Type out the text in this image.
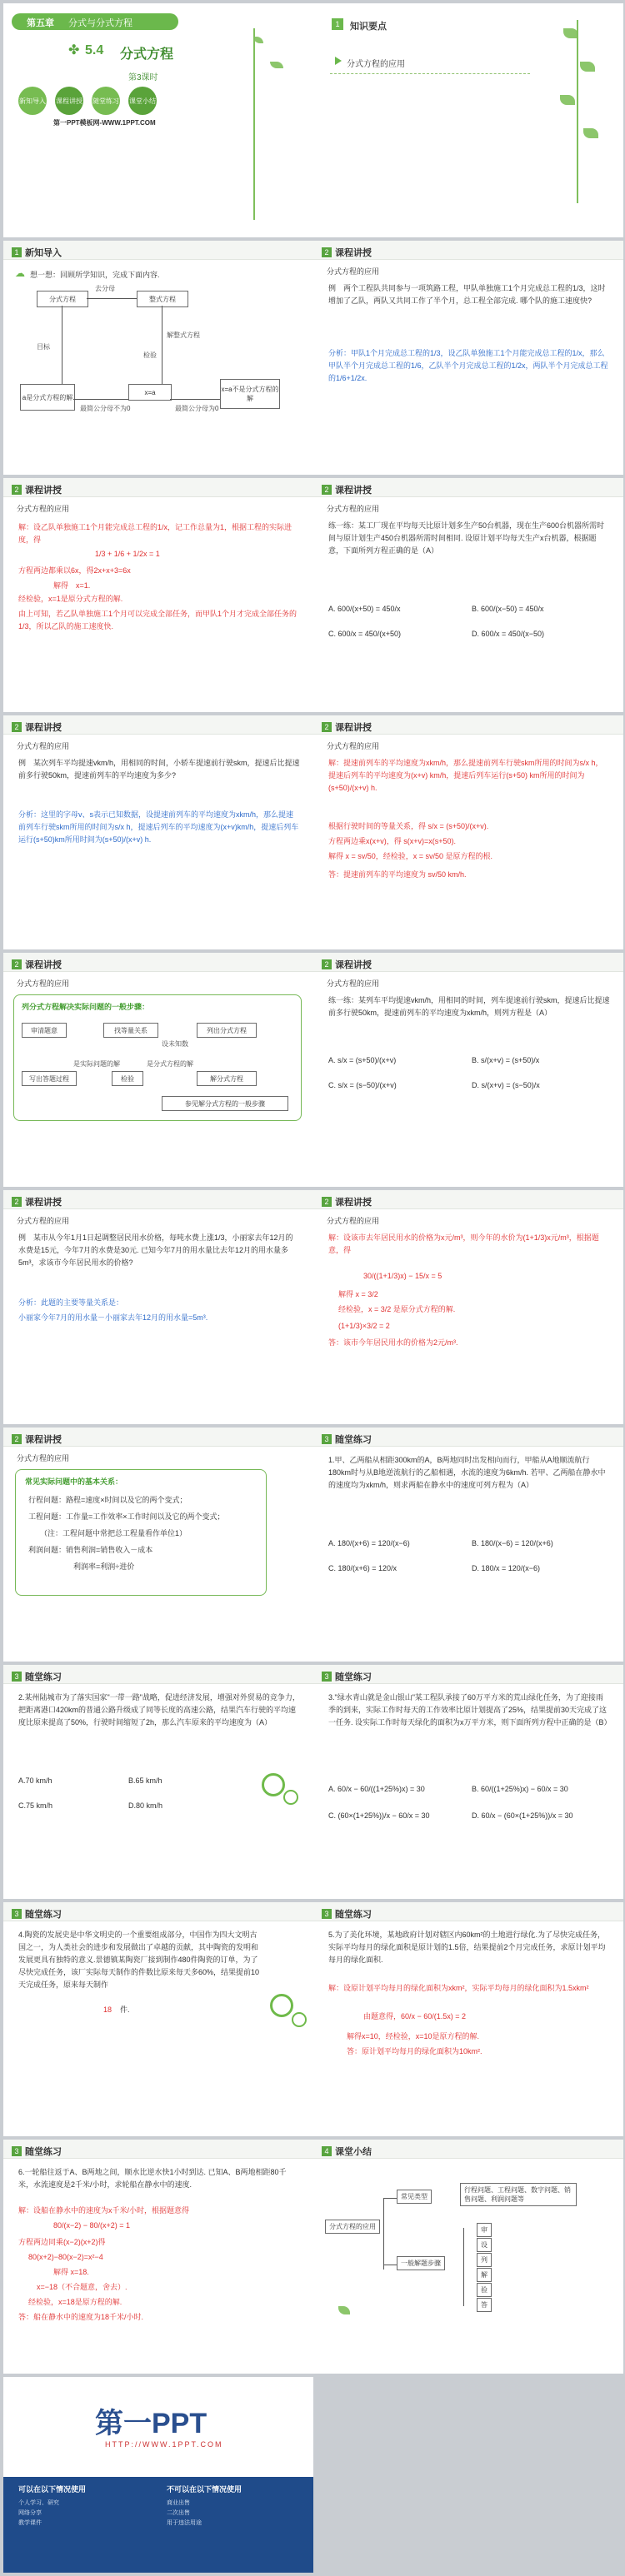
第五章 分式与分式方程
✤ 5.4 分式方程
第3课时
新知导入 课程讲授 随堂练习 课堂小结
第一PPT模板网-WWW.1PPT.COM
1	知识要点
分式方程的应用
1 新知导入
☁ 想一想：回顾所学知识，完成下面内容.
分式方程	整式方程
a是分式方程的解
x=a	x=a不是分式方程的解
去分母
目标
检验
解整式方程
最简公分母不为0	最简公分母为0
2 课程讲授
分式方程的应用
例　两个工程队共同参与一项筑路工程，甲队单独施工1个月完成总工程的1/3，这时增加了乙队，两队又共同工作了半个月，总工程全部完成. 哪个队的施工速度快?
分析：甲队1个月完成总工程的1/3，设乙队单独施工1个月能完成总工程的1/x，那么甲队半个月完成总工程的1/6，乙队半个月完成总工程的1/2x，两队半个月完成总工程的1/6+1/2x.
2 课程讲授
分式方程的应用
解：设乙队单独施工1个月能完成总工程的1/x，记工作总量为1，根据工程的实际进度，得
1/3 + 1/6 + 1/2x = 1
方程两边都乘以6x，得2x+x+3=6x
解得　x=1.
经检验，x=1是原分式方程的解.
由上可知，若乙队单独施工1个月可以完成全部任务，而甲队1个月才完成全部任务的1/3，所以乙队的施工速度快.
2 课程讲授
分式方程的应用
练一练：某工厂现在平均每天比原计划多生产50台机器，现在生产600台机器所需时间与原计划生产450台机器所需时间相同. 设原计划平均每天生产x台机器，根据题意，下面所列方程正确的是（A）
A. 600/(x+50) = 450/x	B. 600/(x−50) = 450/x
C. 600/x = 450/(x+50)	D. 600/x = 450/(x−50)
2 课程讲授
分式方程的应用
例　某次列车平均提速vkm/h，用相同的时间，小轿车提速前行驶skm，提速后比提速前多行驶50km，提速前列车的平均速度为多少?
分析：这里的字母v、s表示已知数据，设提速前列车的平均速度为xkm/h，那么提速前列车行驶skm所用的时间为s/x h，提速后列车的平均速度为(x+v)km/h，提速后列车运行(s+50)km所用时间为(s+50)/(x+v) h.
2 课程讲授
分式方程的应用
解：提速前列车的平均速度为xkm/h，那么提速前列车行驶skm所用的时间为s/x h，提速后列车的平均速度为(x+v) km/h，提速后列车运行(s+50) km所用的时间为(s+50)/(x+v) h.
根据行驶时间的等量关系，得 s/x = (s+50)/(x+v).
方程两边乘x(x+v)，得 s(x+v)=x(s+50).
解得 x = sv/50，经检验，x = sv/50 是原方程的根.
答：提速前列车的平均速度为 sv/50 km/h.
2 课程讲授
分式方程的应用
列分式方程解决实际问题的一般步骤：
审清题意	找等量关系	列出分式方程
解分式方程
检验
写出答题过程
设未知数
是分式方程的解
是实际问题的解
参见解分式方程的一般步骤
2 课程讲授
分式方程的应用
练一练：某列车平均提速vkm/h，用相同的时间，列车提速前行驶skm，提速后比提速前多行驶50km，提速前列车的平均速度为xkm/h，则列方程是（A）
A. s/x = (s+50)/(x+v)	B. s/(x+v) = (s+50)/x
C. s/x = (s−50)/(x+v)	D. s/(x+v) = (s−50)/x
2 课程讲授
分式方程的应用
例　某市从今年1月1日起调整居民用水价格，每吨水费上涨1/3，小丽家去年12月的水费是15元，今年7月的水费是30元. 已知今年7月的用水量比去年12月的用水量多5m³，求该市今年居民用水的价格?
分析：此题的主要等量关系是：
小丽家今年7月的用水量－小丽家去年12月的用水量=5m³.
2 课程讲授
分式方程的应用
解：设该市去年居民用水的价格为x元/m³，则今年的水价为(1+1/3)x元/m³，根据题意，得
30/((1+1/3)x) − 15/x = 5
解得 x = 3/2
经检验，x = 3/2 是原分式方程的解.
(1+1/3)×3/2 = 2
答：该市今年居民用水的价格为2元/m³.
2 课程讲授
分式方程的应用
常见实际问题中的基本关系：
行程问题：路程=速度×时间以及它的两个变式；
工程问题：工作量=工作效率×工作时间以及它的两个变式；
（注：工程问题中常把总工程量看作单位1）
利润问题：销售利润=销售收入－成本
利润率=利润÷进价
3 随堂练习
1.甲、乙两船从相距300km的A，B两地同时出发相向而行，甲船从A地顺流航行180km时与从B地逆流航行的乙船相遇，水流的速度为6km/h. 若甲、乙两船在静水中的速度均为xkm/h，则求两船在静水中的速度可列方程为（A）
A. 180/(x+6) = 120/(x−6)	B. 180/(x−6) = 120/(x+6)
C. 180/(x+6) = 120/x	D. 180/x = 120/(x−6)
3 随堂练习
2.某州陆城市为了落实国家"一带一路"战略，促进经济发展，增强对外贸易的竞争力，把距离港口420km的普通公路升级成了同等长度的高速公路，结果汽车行驶的平均速度比原来提高了50%，行驶时间缩短了2h，那么汽车原来的平均速度为（A）
A.70 km/h	B.65 km/h
C.75 km/h	D.80 km/h
3 随堂练习
3."绿水青山就是金山银山"某工程队承接了60万平方米的荒山绿化任务，为了迎接雨季的到来，实际工作时每天的工作效率比原计划提高了25%，结果提前30天完成了这一任务. 设实际工作时每天绿化的面积为x万平方米，则下面所列方程中正确的是（B）
A. 60/x − 60/((1+25%)x) = 30	B. 60/((1+25%)x) − 60/x = 30
C. (60×(1+25%))/x − 60/x = 30	D. 60/x − (60×(1+25%))/x = 30
3 随堂练习
4.陶瓷的发展史是中华文明史的一个重要组成部分，中国作为四大文明古国之一，为人类社会的进步和发展做出了卓越的贡献，其中陶瓷的发明和发展更具有独特的意义.景德镇某陶瓷厂接到制作480件陶瓷的订单，为了尽快完成任务，该厂实际每天制作的件数比原来每天多60%，结果提前10天完成任务，原来每天制作
18	件.
3 随堂练习
5.为了美化环境，某地政府计划对辖区内60km²的土地进行绿化.为了尽快完成任务，实际平均每月的绿化面积是原计划的1.5倍，结果提前2个月完成任务，求原计划平均每月的绿化面积.
解：设原计划平均每月的绿化面积为xkm²，实际平均每月的绿化面积为1.5xkm²
由题意得，60/x − 60/(1.5x) = 2
解得x=10，经检验，x=10是原方程的解.
答：原计划平均每月的绿化面积为10km².
3 随堂练习
6.一轮船往返于A、B两地之间，顺水比逆水快1小时到达. 已知A、B两地相距80千米，水流速度是2千米/小时，求轮船在静水中的速度.
解：设船在静水中的速度为x千米/小时，根据题意得
80/(x−2) − 80/(x+2) = 1
方程两边同乘(x−2)(x+2)得
80(x+2)−80(x−2)=x²−4
解得 x=18.
x=−18（不合题意，舍去）.
经检验，x=18是原方程的解.
答：船在静水中的速度为18千米/小时.
4 课堂小结
分式方程的应用
常见类型
一般解题步骤
行程问题、工程问题、数字问题、销售问题、利润问题等
审
设
列
解
验
答
第一PPT
HTTP://WWW.1PPT.COM
可以在以下情况使用	不可以在以下情况使用
个人学习、研究
网络分享
教学课件
商业出售
二次出售
用于违法用途
